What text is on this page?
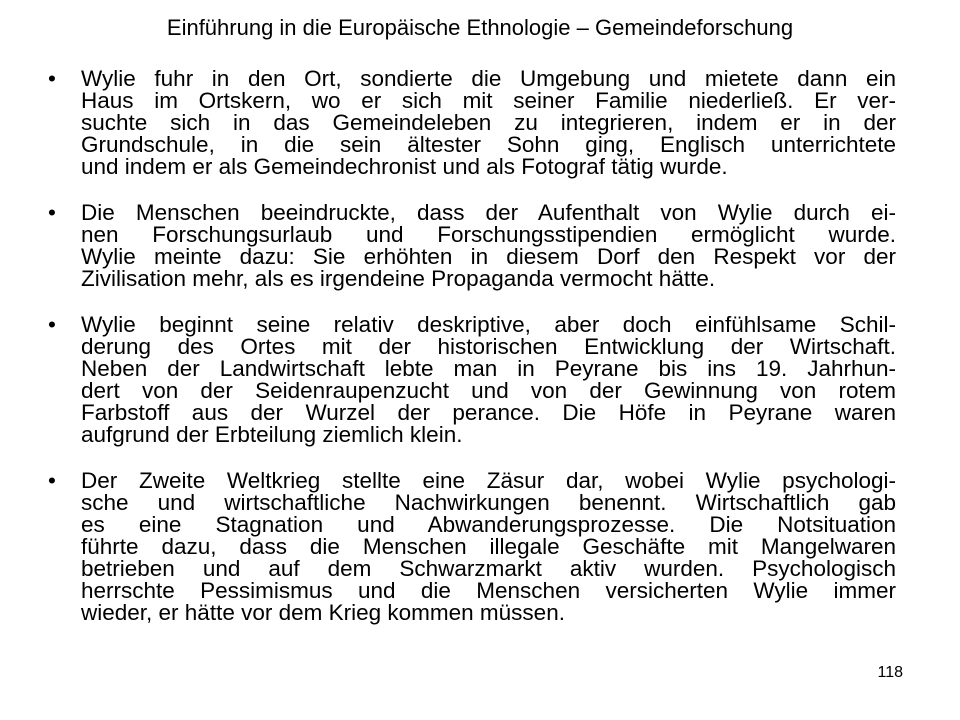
Einführung in die Europäische Ethnologie – Gemeindeforschung
• Wylie fuhr in den Ort, sondierte die Umgebung und mietete dann ein
Haus im Ortskern, wo er sich mit seiner Familie niederließ. Er ver-
suchte sich in das Gemeindeleben zu integrieren, indem er in der
Grundschule, in die sein ältester Sohn ging, Englisch unterrichtete
und indem er als Gemeindechronist und als Fotograf tätig wurde.
• Die Menschen beeindruckte, dass der Aufenthalt von Wylie durch ei-
nen Forschungsurlaub und Forschungsstipendien ermöglicht wurde.
Wylie meinte dazu: Sie erhöhten in diesem Dorf den Respekt vor der
Zivilisation mehr, als es irgendeine Propaganda vermocht hätte.
• Wylie beginnt seine relativ deskriptive, aber doch einfühlsame Schil-
derung des Ortes mit der historischen Entwicklung der Wirtschaft.
Neben der Landwirtschaft lebte man in Peyrane bis ins 19. Jahrhun-
dert von der Seidenraupenzucht und von der Gewinnung von rotem
Farbstoff aus der Wurzel der perance. Die Höfe in Peyrane waren
aufgrund der Erbteilung ziemlich klein.
• Der Zweite Weltkrieg stellte eine Zäsur dar, wobei Wylie psychologi-
sche und wirtschaftliche Nachwirkungen benennt. Wirtschaftlich gab
es eine Stagnation und Abwanderungsprozesse. Die Notsituation
führte dazu, dass die Menschen illegale Geschäfte mit Mangelwaren
betrieben und auf dem Schwarzmarkt aktiv wurden. Psychologisch
herrschte Pessimismus und die Menschen versicherten Wylie immer
wieder, er hätte vor dem Krieg kommen müssen.
118
